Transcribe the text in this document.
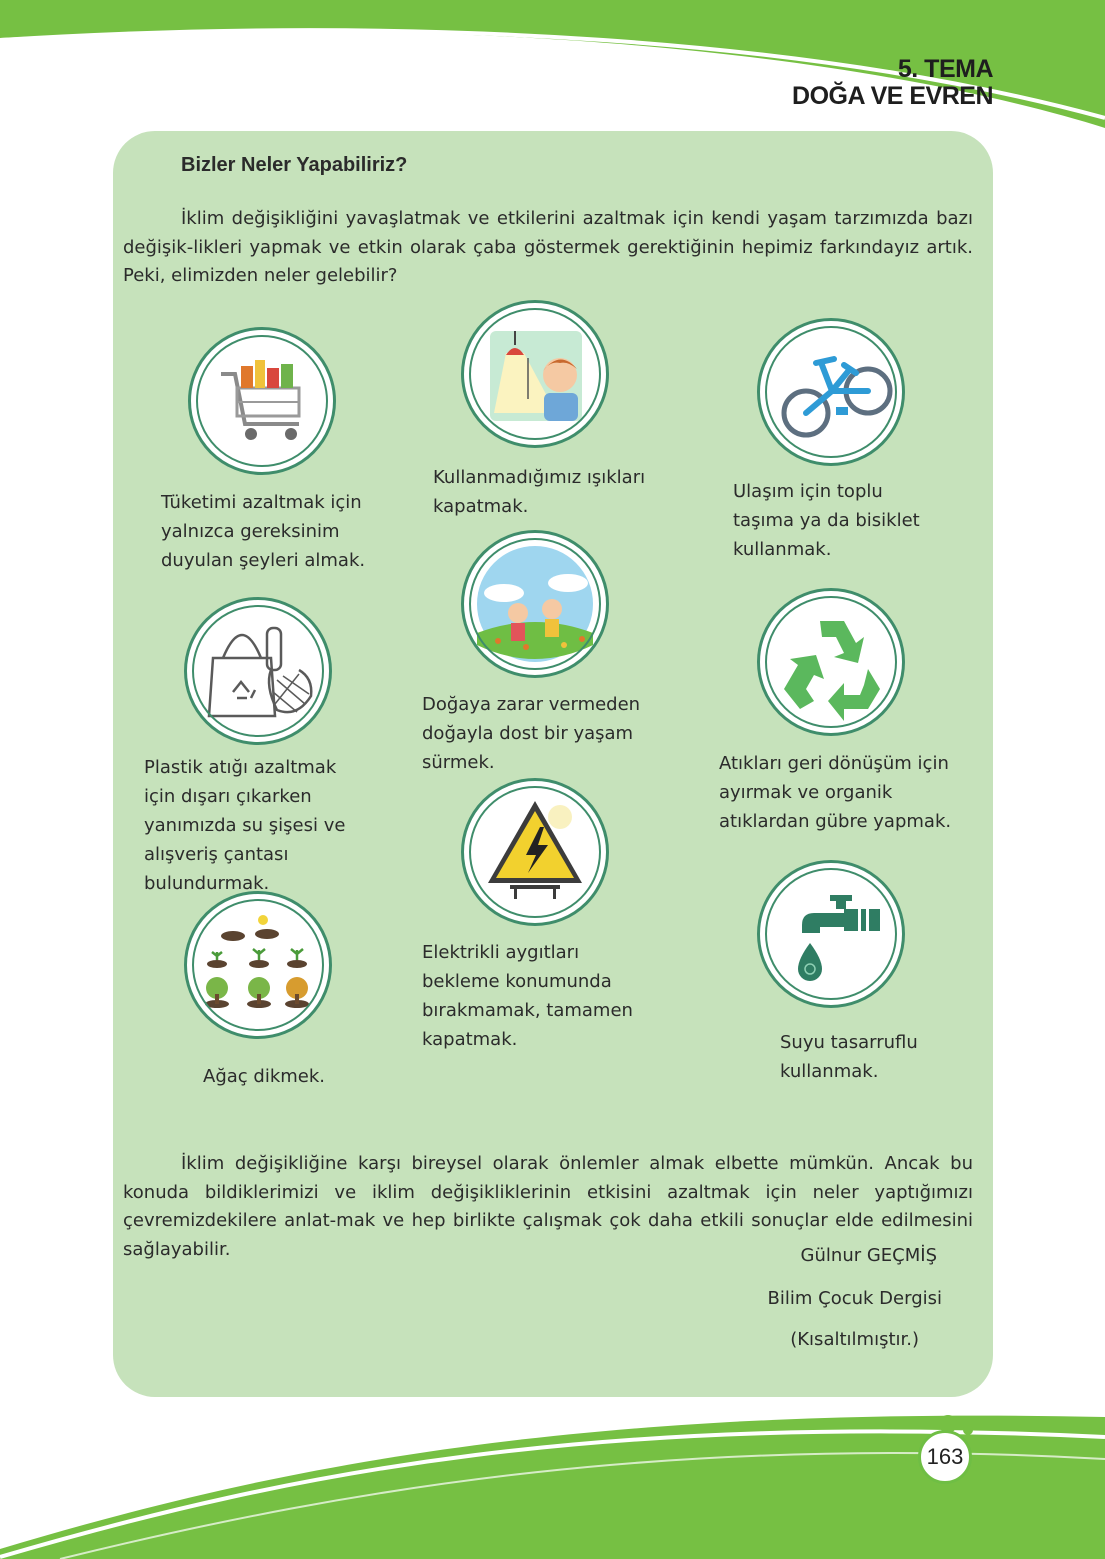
5. TEMA
DOĞA VE EVREN
Bizler Neler Yapabiliriz?

İklim değişikliğini yavaşlatmak ve etkilerini azaltmak için kendi yaşam tarzımızda bazı değişik-likleri yapmak ve etkin olarak çaba göstermek gerektiğinin hepimiz farkındayız artık. Peki, elimizden neler gelebilir?

Tüketimi azaltmak için yalnızca gereksinim duyulan şeyleri almak.

Kullanmadığımız ışıkları kapatmak.

Ulaşım için toplu taşıma ya da bisiklet kullanmak.

Plastik atığı azaltmak için dışarı çıkarken yanımızda su şişesi ve alışveriş çantası bulundurmak.

Doğaya zarar vermeden doğayla dost bir yaşam sürmek.	Atıkları geri dönüşüm için ayırmak ve organik atıklardan gübre yapmak.

Ağaç dikmek.

Elektrikli aygıtları bekleme konumunda bırakmamak, tamamen kapatmak.	Suyu tasarruflu kullanmak.

İklim değişikliğine karşı bireysel olarak önlemler almak elbette mümkün. Ancak bu konuda bildiklerimizi ve iklim değişikliklerinin etkisini azaltmak için neler yaptığımızı çevremizdekilere anlat-mak ve hep birlikte çalışmak çok daha etkili sonuçlar elde edilmesini sağlayabilir.	Gülnur GEÇMİŞ

Bilim Çocuk Dergisi

(Kısaltılmıştır.)

163
